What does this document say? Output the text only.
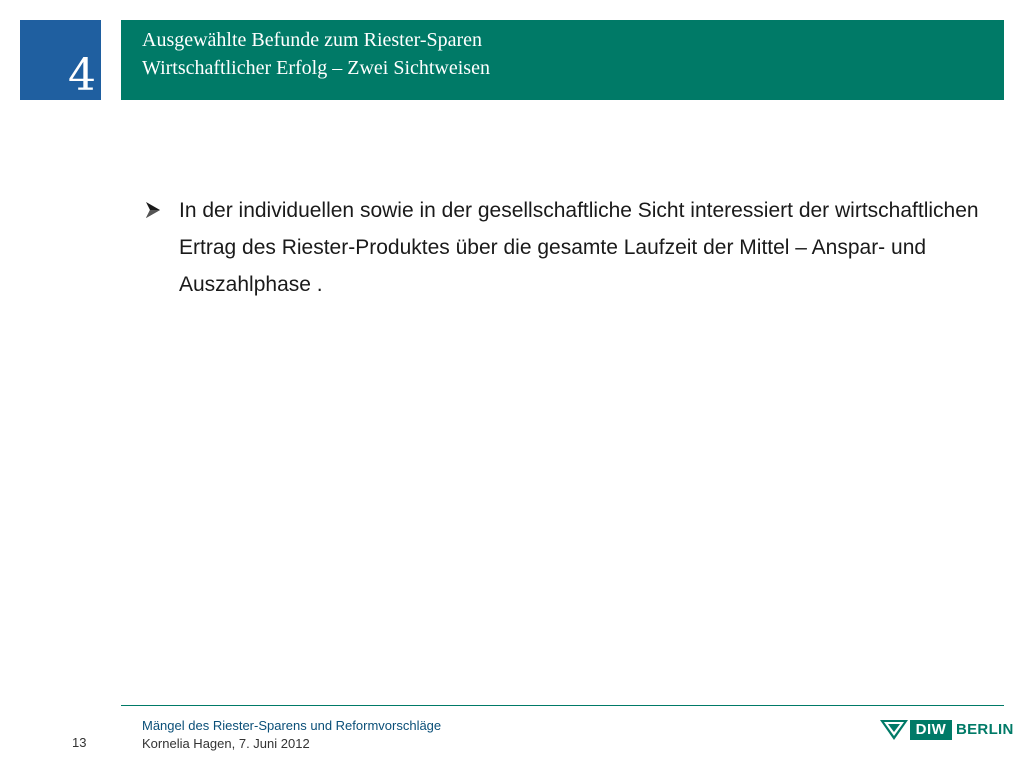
4
Ausgewählte Befunde zum Riester-Sparen
Wirtschaftlicher Erfolg – Zwei Sichtweisen
In der individuellen sowie in der gesellschaftliche Sicht interessiert der wirtschaftlichen Ertrag des Riester-Produktes über die gesamte Laufzeit der Mittel – Anspar- und Auszahlphase .
13
Mängel des Riester-Sparens und Reformvorschläge
Kornelia Hagen, 7. Juni 2012
DIW BERLIN
